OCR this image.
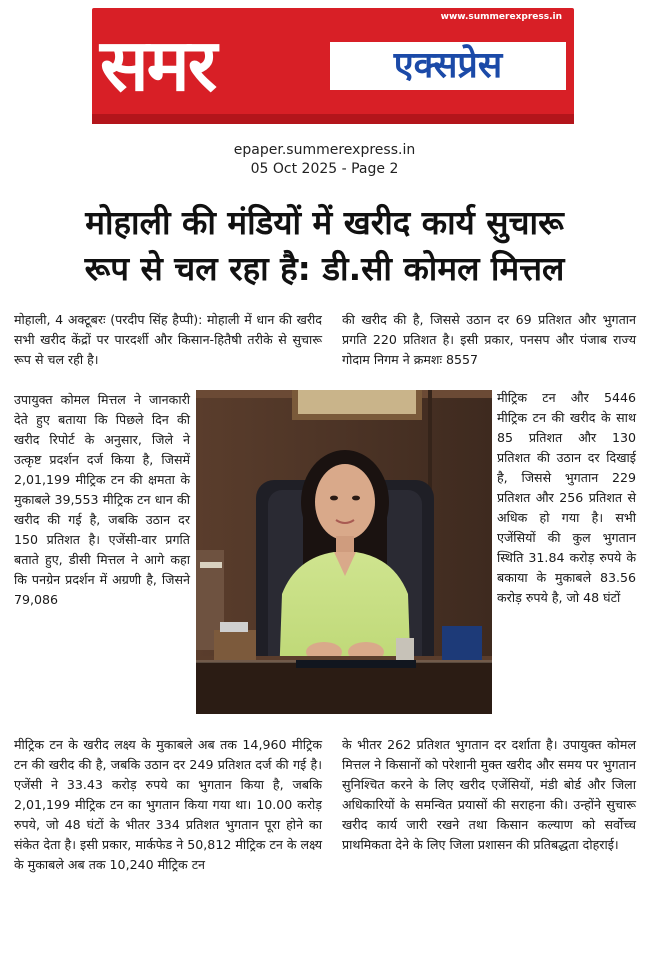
www.summerexpress.in
समर	एक्सप्रेस
epaper.summerexpress.in
05 Oct 2025 - Page 2
मोहाली की मंडियों में खरीद कार्य सुचारू
रूप से चल रहा है: डी.सी कोमल मित्तल
मोहाली, 4 अक्टूबरः (परदीप सिंह हैप्पी): मोहाली में धान की खरीद सभी खरीद केंद्रों पर पारदर्शी और किसान-हितैषी तरीके से सुचारू रूप से चल रही है।
उपायुक्त कोमल मित्तल ने जानकारी देते हुए बताया कि पिछले दिन की खरीद रिपोर्ट के अनुसार, जिले ने उत्कृष्ट प्रदर्शन दर्ज किया है, जिसमें 2,01,199 मीट्रिक टन की क्षमता के मुकाबले 39,553 मीट्रिक टन धान की खरीद की गई है, जबकि उठान दर 150 प्रतिशत है। एजेंसी-वार प्रगति बताते हुए, डीसी मित्तल ने आगे कहा कि पनग्रेन प्रदर्शन में अग्रणी है, जिसने 79,086
की खरीद की है, जिससे उठान दर 69 प्रतिशत और भुगतान प्रगति 220 प्रतिशत है। इसी प्रकार, पनसप और पंजाब राज्य गोदाम निगम ने क्रमशः 8557
मीट्रिक टन और 5446 मीट्रिक टन की खरीद के साथ 85 प्रतिशत और 130 प्रतिशत की उठान दर दिखाई है, जिससे भुगतान 229 प्रतिशत और 256 प्रतिशत से अधिक हो गया है। सभी एजेंसियों की कुल भुगतान स्थिति 31.84 करोड़ रुपये के बकाया के मुकाबले 83.56 करोड़ रुपये है, जो 48 घंटों
मीट्रिक टन के खरीद लक्ष्य के मुकाबले अब तक 14,960 मीट्रिक टन की खरीद की है, जबकि उठान दर 249 प्रतिशत दर्ज की गई है। एजेंसी ने 33.43 करोड़ रुपये का भुगतान किया है, जबकि 2,01,199 मीट्रिक टन का भुगतान किया गया था। 10.00 करोड़ रुपये, जो 48 घंटों के भीतर 334 प्रतिशत भुगतान पूरा होने का संकेत देता है। इसी प्रकार, मार्कफेड ने 50,812 मीट्रिक टन के लक्ष्य के मुकाबले अब तक 10,240 मीट्रिक टन
के भीतर 262 प्रतिशत भुगतान दर दर्शाता है। उपायुक्त कोमल मित्तल ने किसानों को परेशानी मुक्त खरीद और समय पर भुगतान सुनिश्चित करने के लिए खरीद एजेंसियों, मंडी बोर्ड और जिला अधिकारियों के समन्वित प्रयासों की सराहना की। उन्होंने सुचारू खरीद कार्य जारी रखने तथा किसान कल्याण को सर्वोच्च प्राथमिकता देने के लिए जिला प्रशासन की प्रतिबद्धता दोहराई।
